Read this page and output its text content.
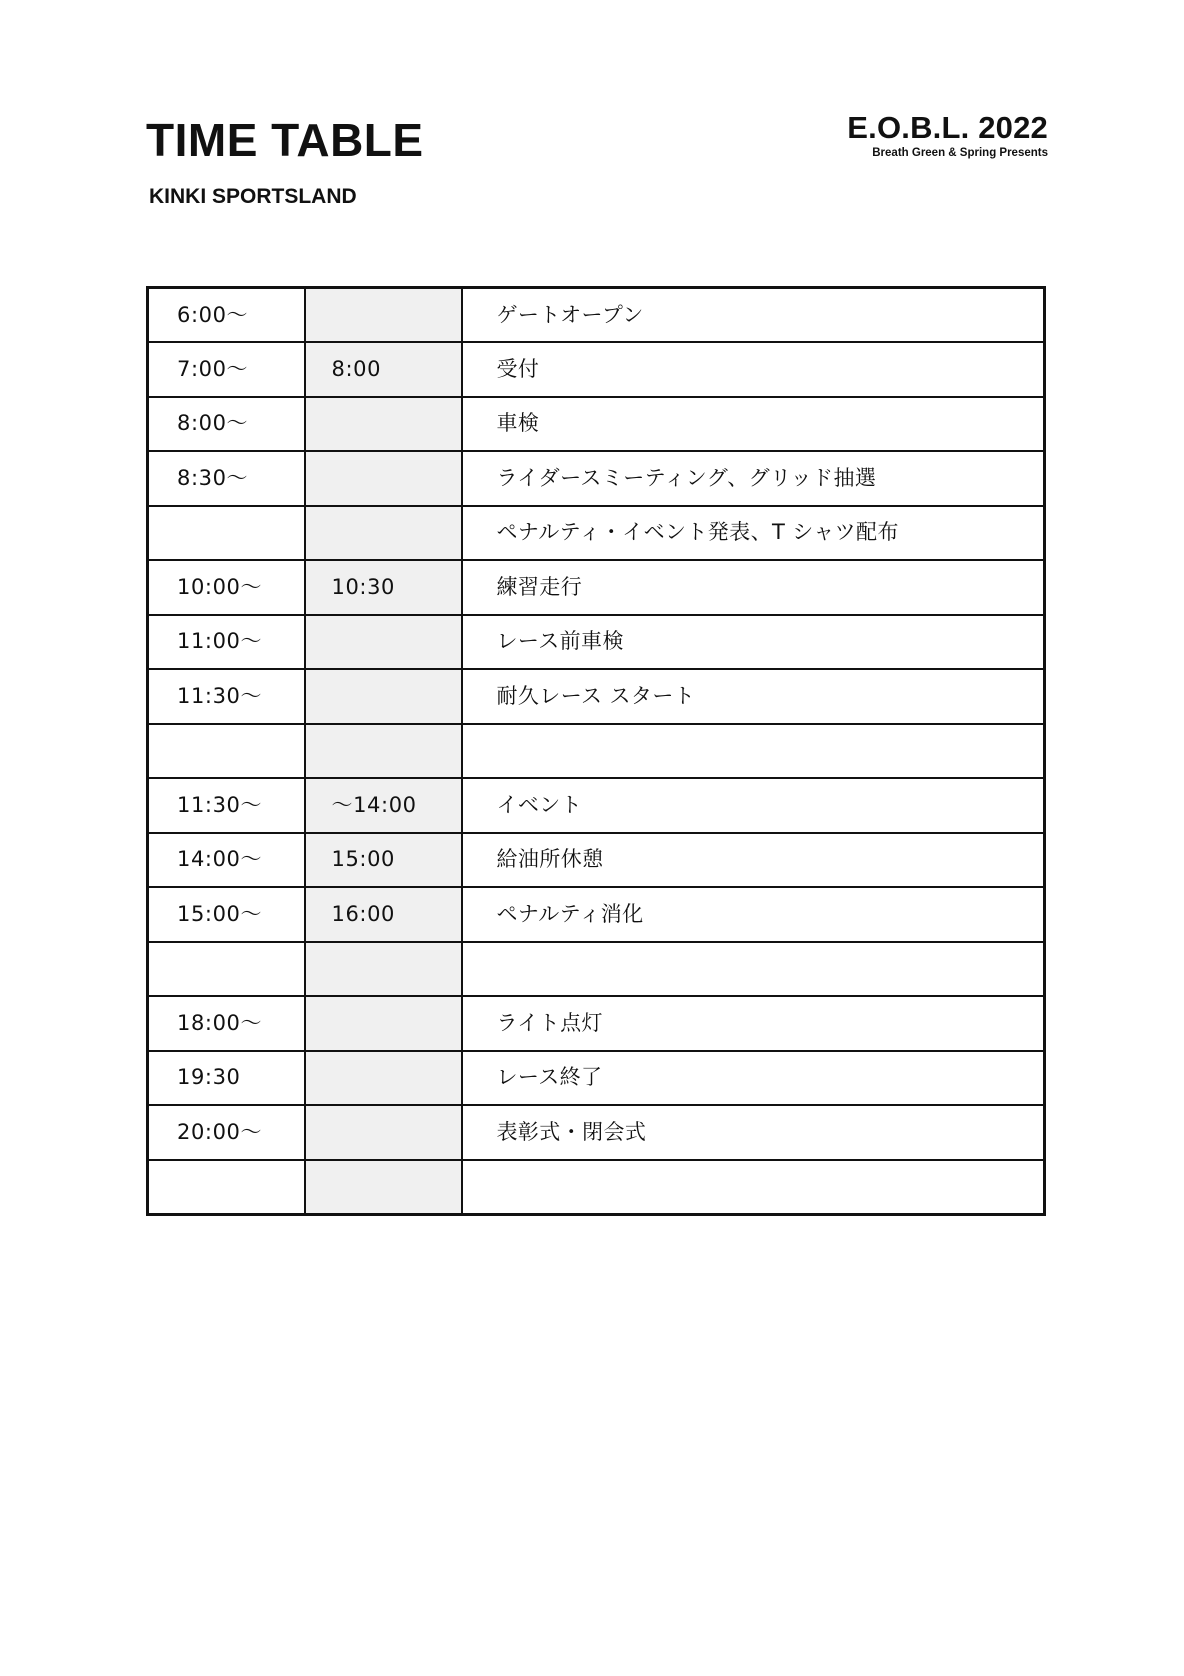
TIME TABLE
KINKI SPORTSLAND
E.O.B.L. 2022
Breath Green & Spring Presents
6:00～		ゲートオープン
7:00～	8:00	受付
8:00～		車検
8:30～		ライダースミーティング、グリッド抽選
		ペナルティ・イベント発表、T シャツ配布
10:00～	10:30	練習走行
11:00～		レース前車検
11:30～		耐久レース スタート

11:30～	～14:00	イベント
14:00～	15:00	給油所休憩
15:00～	16:00	ペナルティ消化

18:00～		ライト点灯
19:30		レース終了
20:00～		表彰式・閉会式
